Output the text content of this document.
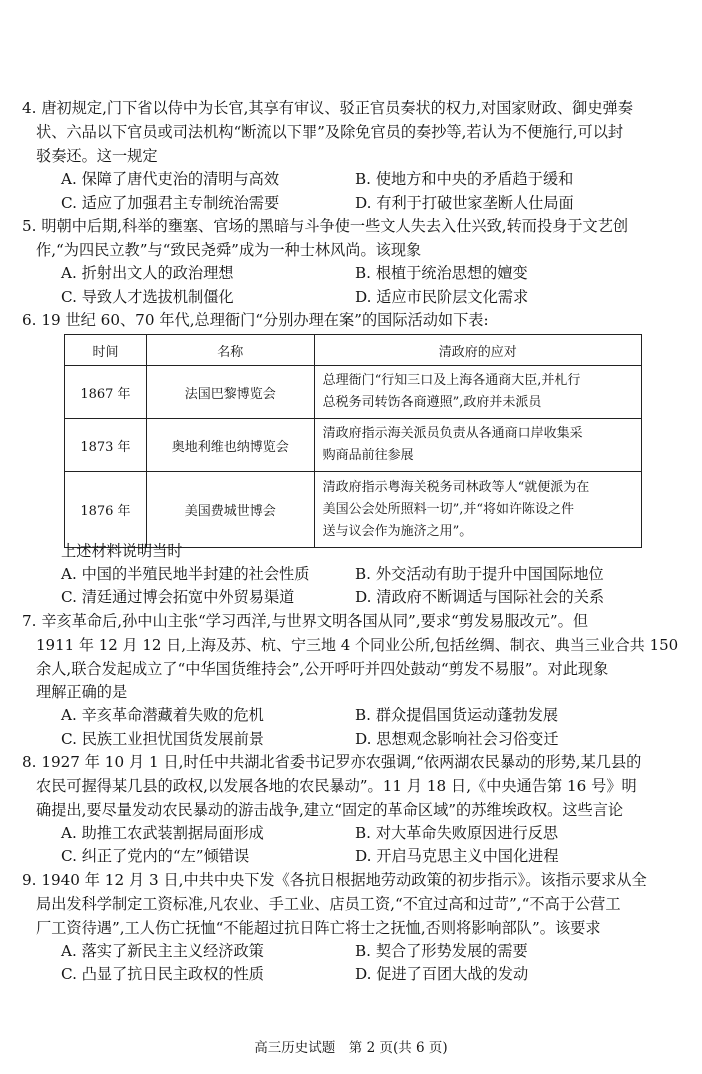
4. 唐初规定,门下省以侍中为长官,其享有审议、驳正官员奏状的权力,对国家财政、御史弹奏
状、六品以下官员或司法机构“断流以下罪”及除免官员的奏抄等,若认为不便施行,可以封
驳奏还。这一规定
A. 保障了唐代吏治的清明与高效	B. 使地方和中央的矛盾趋于缓和
C. 适应了加强君主专制统治需要	D. 有利于打破世家垄断人仕局面
5. 明朝中后期,科举的壅塞、官场的黑暗与斗争使一些文人失去入仕兴致,转而投身于文艺创
作,“为四民立教”与“致民尧舜”成为一种士林风尚。该现象
A. 折射出文人的政治理想	B. 根植于统治思想的嬗变
C. 导致人才选拔机制僵化	D. 适应市民阶层文化需求
6. 19 世纪 60、70 年代,总理衙门“分别办理在案”的国际活动如下表:
时间	名称	清政府的应对
1867 年	法国巴黎博览会	总理衙门“行知三口及上海各通商大臣,并札行
总税务司转饬各商遵照”,政府并未派员

1873 年	奥地利维也纳博览会	清政府指示海关派员负责从各通商口岸收集采
购商品前往参展

1876 年	美国费城世博会	清政府指示粤海关税务司林政等人“就便派为在
美国公会处所照料一切”,并“将如许陈设之件
送与议会作为施济之用”。
上述材料说明当时
A. 中国的半殖民地半封建的社会性质	B. 外交活动有助于提升中国国际地位
C. 清廷通过博会拓宽中外贸易渠道	D. 清政府不断调适与国际社会的关系
7. 辛亥革命后,孙中山主张“学习西洋,与世界文明各国从同”,要求“剪发易服改元”。但
1911 年 12 月 12 日,上海及苏、杭、宁三地 4 个同业公所,包括丝绸、制衣、典当三业合共 150
余人,联合发起成立了“中华国货维持会”,公开呼吁并四处鼓动“剪发不易服”。对此现象
理解正确的是
A. 辛亥革命潜藏着失败的危机	B. 群众提倡国货运动蓬勃发展
C. 民族工业担忧国货发展前景	D. 思想观念影响社会习俗变迁
8. 1927 年 10 月 1 日,时任中共湖北省委书记罗亦农强调,“依两湖农民暴动的形势,某几县的
农民可握得某几县的政权,以发展各地的农民暴动”。11 月 18 日,《中央通告第 16 号》明
确提出,要尽量发动农民暴动的游击战争,建立“固定的革命区域”的苏维埃政权。这些言论
A. 助推工农武装割据局面形成	B. 对大革命失败原因进行反思
C. 纠正了党内的“左”倾错误	D. 开启马克思主义中国化进程
9. 1940 年 12 月 3 日,中共中央下发《各抗日根据地劳动政策的初步指示》。该指示要求从全
局出发科学制定工资标准,凡农业、手工业、店员工资,“不宜过高和过苛”,“不高于公营工
厂工资待遇”,工人伤亡抚恤“不能超过抗日阵亡将士之抚恤,否则将影响部队”。该要求
A. 落实了新民主主义经济政策	B. 契合了形势发展的需要
C. 凸显了抗日民主政权的性质	D. 促进了百团大战的发动
高三历史试题　第 2 页(共 6 页)
